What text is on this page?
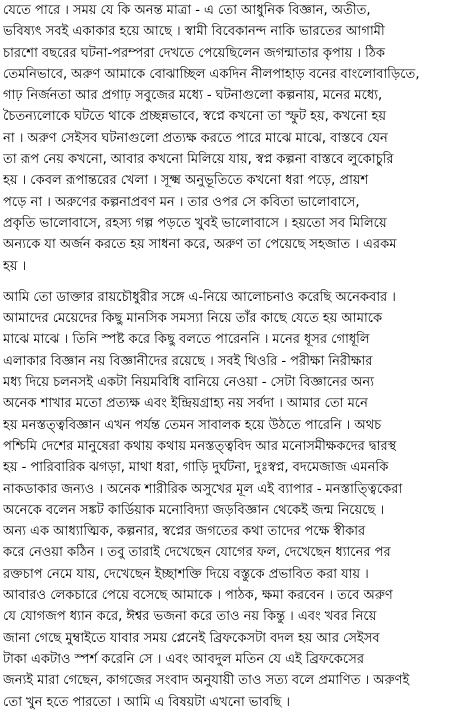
যেতে পারে । সময় যে কি অনন্ত মাত্রা - এ তো আধুনিক বিজ্ঞান, অতীত,
ভবিষ্যৎ সবই একাকার হয়ে আছে । স্বামী বিবেকানন্দ নাকি ভারতের আগামী
চারশো বছরের ঘটনা-পরম্পরা দেখতে পেয়েছিলেন জগন্মাতার কৃপায় । ঠিক
তেমনিভাবে, অরুণ আমাকে বোঝাচ্ছিল একদিন নীলপাহাড় বনের বাংলোবাড়িতে,
গাঢ় নির্জনতা আর প্রগাঢ় সবুজের মধ্যে - ঘটনাগুলো কল্পনায়, মনের মধ্যে,
চৈতন্যলোকে ঘটতে থাকে প্রচ্ছন্নভাবে, স্বপ্নে কখনো তা স্ফুট হয়, কখনো হয়
না । অরুণ সেইসব ঘটনাগুলো প্রত্যক্ষ করতে পারে মাঝে মাঝে, বাস্তবে যেন
তা রূপ নেয় কখনো, আবার কখনো মিলিয়ে যায়, স্বপ্ন কল্পনা বাস্তবে লুকোচুরি
হয় । কেবল রূপান্তরের খেলা । সূক্ষ্ম অনুভূতিতে কখনো ধরা পড়ে, প্রায়শ
পড়ে না । অরুণের কল্পনাপ্রবণ মন । তার ওপর সে কবিতা ভালোবাসে,
প্রকৃতি ভালোবাসে, রহস্য গল্প পড়তে খুবই ভালোবাসে । হয়তো সব মিলিয়ে
অন্যকে যা অর্জন করতে হয় সাধনা করে, অরুণ তা পেয়েছে সহজাত । এরকম
হয় ।
আমি তো ডাক্তার রায়চৌধুরীর সঙ্গে এ-নিয়ে আলোচনাও করেছি অনেকবার ।
আমাদের মেয়েদের কিছু মানসিক সমস্যা নিয়ে তাঁর কাছে যেতে হয় আমাকে
মাঝে মাঝে । তিনি স্পষ্ট করে কিছু বলতে পারেননি । মনের ধূসর গোধূলি
এলাকার বিজ্ঞান নয় বিজ্ঞানীদের রয়েছে । সবই থিওরি - পরীক্ষা নিরীক্ষার
মধ্য দিয়ে চলনসই একটা নিয়মবিধি বানিয়ে নেওয়া - সেটা বিজ্ঞানের অন্য
অনেক শাখার মতো প্রত্যক্ষ এবং ইন্দ্রিয়গ্রাহ্য নয় সর্বদা । আমার তো মনে
হয় মনস্তত্ত্ববিজ্ঞান এখন পর্যন্ত তেমন সাবালক হয়ে উঠতে পারেনি । অথচ
পশ্চিমি দেশের মানুষেরা কথায় কথায় মনস্তত্ত্ববিদ আর মনোসমীক্ষকদের দ্বারস্থ
হয় - পারিবারিক ঝগড়া, মাথা ধরা, গাড়ি দুর্ঘটনা, দুঃস্বপ্ন, বদমেজাজ এমনকি
নাকডাকার জন্যও । অনেক শারীরিক অসুখের মূল এই ব্যাপার - মনস্তাত্ত্বিকেরা
অনেকে বলেন সঙ্কট কার্ডিয়াক মনোবিদ্যা জড়বিজ্ঞান থেকেই জন্ম নিয়েছে ।
অন্য এক আধ্যাত্মিক, কল্পনার, স্বপ্নের জগতের কথা তাদের পক্ষে স্বীকার
করে নেওয়া কঠিন । তবু তারাই দেখেছেন যোগের ফল, দেখেছেন ধ্যানের পর
রক্তচাপ নেমে যায়, দেখেছেন ইচ্ছাশক্তি দিয়ে বস্তুকে প্রভাবিত করা যায় ।
আবারও লেকচারে পেয়ে বসেছে আমাকে । পাঠক, ক্ষমা করবেন । তবে অরুণ
যে যোগজপ ধ্যান করে, ঈশ্বর ভজনা করে তাও নয় কিন্তু । এবং খবর নিয়ে
জানা গেছে মুম্বাইতে যাবার সময় প্লেনেই ব্রিফকেসটা বদল হয় আর সেইসব
টাকা একটাও স্পর্শ করেনি সে । এবং আবদুল মতিন যে এই ব্রিফকেসের
জন্যই মারা গেছেন, কাগজের সংবাদ অনুযায়ী তাও সত্য বলে প্রমাণিত । অরুণই
তো খুন হতে পারতো । আমি এ বিষয়টা এখনো ভাবছি ।
